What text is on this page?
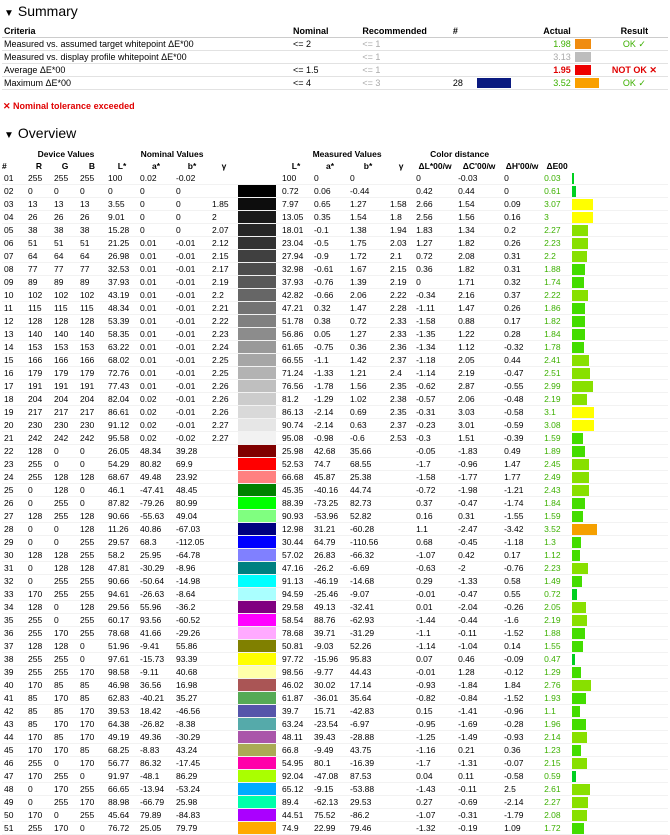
▼ Summary
Criteria	Nominal	Recommended	#		Actual		Result
Measured vs. assumed target whitepoint ΔE*00	<= 2	<= 1			1.98		OK ✓
Measured vs. display profile whitepoint ΔE*00		<= 1			3.13		
Average ΔE*00	<= 1.5	<= 1			1.95		NOT OK ✕
Maximum ΔE*00	<= 4	<= 3	28		3.52		OK ✓
✕ Nominal tolerance exceeded
▼ Overview
	Device Values			Nominal Values					Measured Values				Color distance				
#	R	G	B	L*	a*	b*	γ		L*	a*	b*	γ	ΔL*00/w	ΔC'00/w	ΔH'00/w	ΔE00	
01	255	255	255	100	0.02	-0.02			100	0	0		0	-0.03	0	0.03	

02	0	0	0	0	0	0			0.72	0.06	-0.44		0.42	0.44	0	0.61	

03	13	13	13	3.55	0	0	1.85		7.97	0.65	1.27	1.58	2.66	1.54	0.09	3.07	

04	26	26	26	9.01	0	0	2		13.05	0.35	1.54	1.8	2.56	1.56	0.16	3	

05	38	38	38	15.28	0	0	2.07		18.01	-0.1	1.38	1.94	1.83	1.34	0.2	2.27	

06	51	51	51	21.25	0.01	-0.01	2.12		23.04	-0.5	1.75	2.03	1.27	1.82	0.26	2.23	

07	64	64	64	26.98	0.01	-0.01	2.15		27.94	-0.9	1.72	2.1	0.72	2.08	0.31	2.2	

08	77	77	77	32.53	0.01	-0.01	2.17		32.98	-0.61	1.67	2.15	0.36	1.82	0.31	1.88	

09	89	89	89	37.93	0.01	-0.01	2.19		37.93	-0.76	1.39	2.19	0	1.71	0.32	1.74	

10	102	102	102	43.19	0.01	-0.01	2.2		42.82	-0.66	2.06	2.22	-0.34	2.16	0.37	2.22	

11	115	115	115	48.34	0.01	-0.01	2.21		47.21	0.32	1.47	2.28	-1.11	1.47	0.26	1.86	

12	128	128	128	53.39	0.01	-0.01	2.22		51.78	0.38	0.72	2.33	-1.58	0.88	0.17	1.82	

13	140	140	140	58.35	0.01	-0.01	2.23		56.86	0.05	1.27	2.33	-1.35	1.22	0.28	1.84	

14	153	153	153	63.22	0.01	-0.01	2.24		61.65	-0.75	0.36	2.36	-1.34	1.12	-0.32	1.78	

15	166	166	166	68.02	0.01	-0.01	2.25		66.55	-1.1	1.42	2.37	-1.18	2.05	0.44	2.41	

16	179	179	179	72.76	0.01	-0.01	2.25		71.24	-1.33	1.21	2.4	-1.14	2.19	-0.47	2.51	

17	191	191	191	77.43	0.01	-0.01	2.26		76.56	-1.78	1.56	2.35	-0.62	2.87	-0.55	2.99	

18	204	204	204	82.04	0.02	-0.01	2.26		81.2	-1.29	1.02	2.38	-0.57	2.06	-0.48	2.19	

19	217	217	217	86.61	0.02	-0.01	2.26		86.13	-2.14	0.69	2.35	-0.31	3.03	-0.58	3.1	

20	230	230	230	91.12	0.02	-0.01	2.27		90.74	-2.14	0.63	2.37	-0.23	3.01	-0.59	3.08	

21	242	242	242	95.58	0.02	-0.02	2.27		95.08	-0.98	-0.6	2.53	-0.3	1.51	-0.39	1.59	

22	128	0	0	26.05	48.34	39.28			25.98	42.68	35.66		-0.05	-1.83	0.49	1.89	

23	255	0	0	54.29	80.82	69.9			52.53	74.7	68.55		-1.7	-0.96	1.47	2.45	

24	255	128	128	68.67	49.48	23.92			66.68	45.87	25.38		-1.58	-1.77	1.77	2.49	

25	0	128	0	46.1	-47.41	48.45			45.35	-40.16	44.74		-0.72	-1.98	-1.21	2.43	

26	0	255	0	87.82	-79.26	80.99			88.39	-73.25	82.73		0.37	-0.47	-1.74	1.84	

27	128	255	128	90.66	-55.63	49.04			90.93	-53.96	52.82		0.16	0.31	-1.55	1.59	

28	0	0	128	11.26	40.86	-67.03			12.98	31.21	-60.28		1.1	-2.47	-3.42	3.52	

29	0	0	255	29.57	68.3	-112.05			30.44	64.79	-110.56		0.68	-0.45	-1.18	1.3	

30	128	128	255	58.2	25.95	-64.78			57.02	26.83	-66.32		-1.07	0.42	0.17	1.12	

31	0	128	128	47.81	-30.29	-8.96			47.16	-26.2	-6.69		-0.63	-2	-0.76	2.23	

32	0	255	255	90.66	-50.64	-14.98			91.13	-46.19	-14.68		0.29	-1.33	0.58	1.49	

33	170	255	255	94.61	-26.63	-8.64			94.59	-25.46	-9.07		-0.01	-0.47	0.55	0.72	

34	128	0	128	29.56	55.96	-36.2			29.58	49.13	-32.41		0.01	-2.04	-0.26	2.05	

35	255	0	255	60.17	93.56	-60.52			58.54	88.76	-62.93		-1.44	-0.44	-1.6	2.19	

36	255	170	255	78.68	41.66	-29.26			78.68	39.71	-31.29		-1.1	-0.11	-1.52	1.88	

37	128	128	0	51.96	-9.41	55.86			50.81	-9.03	52.26		-1.14	-1.04	0.14	1.55	

38	255	255	0	97.61	-15.73	93.39			97.72	-15.96	95.83		0.07	0.46	-0.09	0.47	

39	255	255	170	98.58	-9.11	40.68			98.56	-9.77	44.43		-0.01	1.28	-0.12	1.29	

40	170	85	85	46.98	36.56	16.98			46.02	30.02	17.14		-0.93	-1.84	1.84	2.76	

41	85	170	85	62.83	-40.21	35.27			61.87	-36.01	35.64		-0.82	-0.84	-1.52	1.93	

42	85	85	170	39.53	18.42	-46.56			39.7	15.71	-42.83		0.15	-1.41	-0.96	1.1	

43	85	170	170	64.38	-26.82	-8.38			63.24	-23.54	-6.97		-0.95	-1.69	-0.28	1.96	

44	170	85	170	49.19	49.36	-30.29			48.11	39.43	-28.88		-1.25	-1.49	-0.93	2.14	

45	170	170	85	68.25	-8.83	43.24			66.8	-9.49	43.75		-1.16	0.21	0.36	1.23	

46	255	0	170	56.77	86.32	-17.45			54.95	80.1	-16.39		-1.7	-1.31	-0.07	2.15	

47	170	255	0	91.97	-48.1	86.29			92.04	-47.08	87.53		0.04	0.11	-0.58	0.59	

48	0	170	255	66.65	-13.94	-53.24			65.12	-9.15	-53.88		-1.43	-0.11	2.5	2.61	

49	0	255	170	88.98	-66.79	25.98			89.4	-62.13	29.53		0.27	-0.69	-2.14	2.27	

50	170	0	255	45.64	79.89	-84.83			44.51	75.52	-86.2		-1.07	-0.31	-1.79	2.08	

51	255	170	0	76.72	25.05	79.79			74.9	22.99	79.46		-1.32	-0.19	1.09	1.72	
